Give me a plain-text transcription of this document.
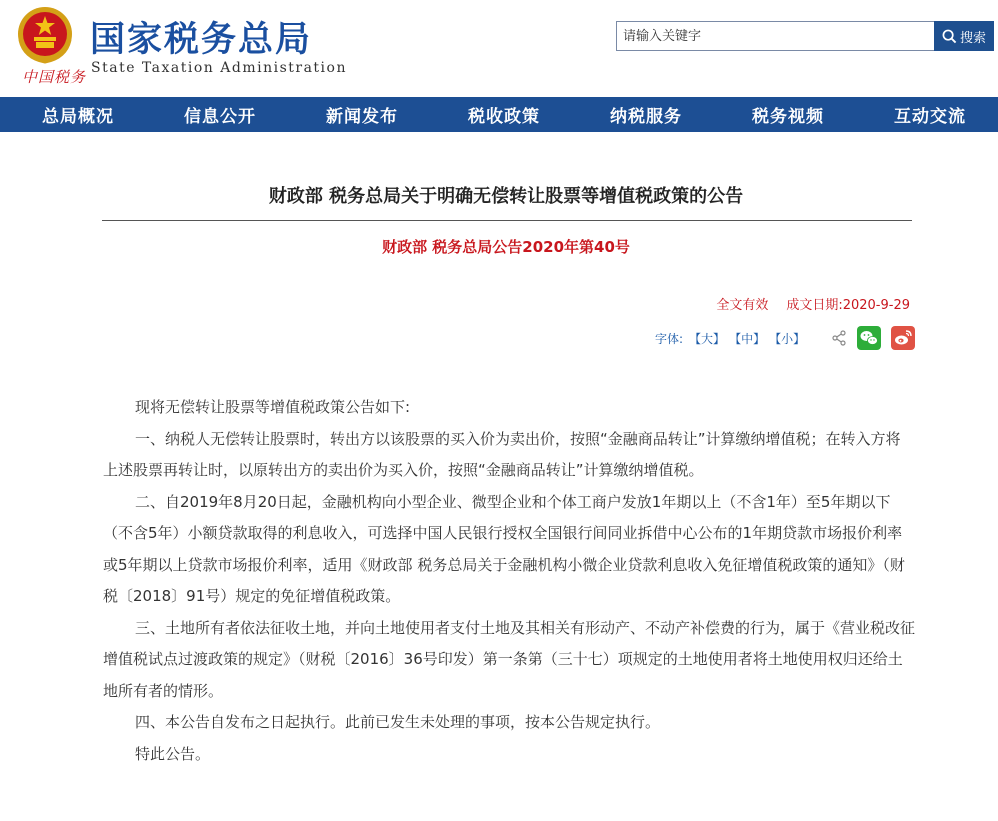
中国税务
国家税务总局
State Taxation Administration
请输入关键字
搜索
总局概况	信息公开	新闻发布	税收政策	纳税服务	税务视频	互动交流
财政部 税务总局关于明确无偿转让股票等增值税政策的公告
财政部 税务总局公告2020年第40号
全文有效 成文日期:2020-9-29
字体: 【大】 【中】 【小】

现将无偿转让股票等增值税政策公告如下:

一、纳税人无偿转让股票时，转出方以该股票的买入价为卖出价，按照“金融商品转让”计算缴纳增值税；在转入方将上述股票再转让时，以原转出方的卖出价为买入价，按照“金融商品转让”计算缴纳增值税。

二、自2019年8月20日起，金融机构向小型企业、微型企业和个体工商户发放1年期以上（不含1年）至5年期以下（不含5年）小额贷款取得的利息收入，可选择中国人民银行授权全国银行间同业拆借中心公布的1年期贷款市场报价利率或5年期以上贷款市场报价利率，适用《财政部 税务总局关于金融机构小微企业贷款利息收入免征增值税政策的通知》（财税〔2018〕91号）规定的免征增值税政策。

三、土地所有者依法征收土地，并向土地使用者支付土地及其相关有形动产、不动产补偿费的行为，属于《营业税改征增值税试点过渡政策的规定》（财税〔2016〕36号印发）第一条第（三十七）项规定的土地使用者将土地使用权归还给土地所有者的情形。

四、本公告自发布之日起执行。此前已发生未处理的事项，按本公告规定执行。

特此公告。
